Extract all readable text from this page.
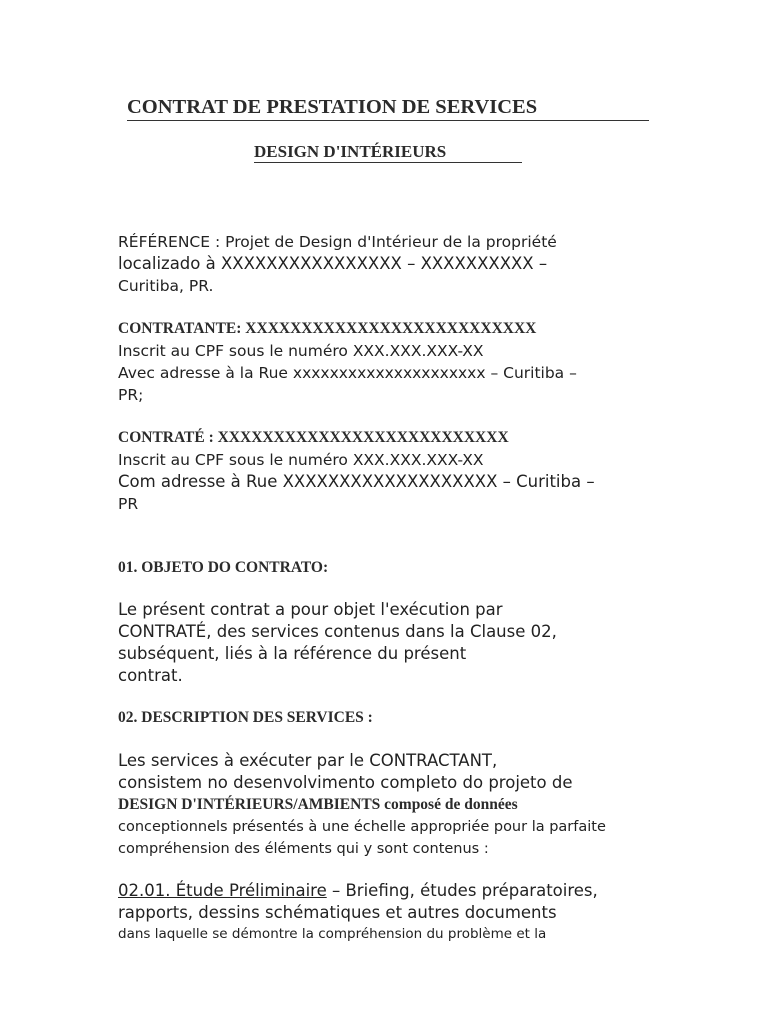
CONTRAT DE PRESTATION DE SERVICES
DESIGN D'INTÉRIEURS
RÉFÉRENCE : Projet de Design d'Intérieur de la propriété
localizado à XXXXXXXXXXXXXXXX – XXXXXXXXXX –
Curitiba, PR.
CONTRATANTE: XXXXXXXXXXXXXXXXXXXXXXXXXX
Inscrit au CPF sous le numéro XXX.XXX.XXX-XX
Avec adresse à la Rue xxxxxxxxxxxxxxxxxxxxx – Curitiba –
PR;
CONTRATÉ : XXXXXXXXXXXXXXXXXXXXXXXXXX
Inscrit au CPF sous le numéro XXX.XXX.XXX-XX
Com adresse à Rue XXXXXXXXXXXXXXXXXXX – Curitiba –
PR
01. OBJETO DO CONTRATO:
Le présent contrat a pour objet l'exécution par
CONTRATÉ, des services contenus dans la Clause 02,
subséquent, liés à la référence du présent
contrat.
02. DESCRIPTION DES SERVICES :
Les services à exécuter par le CONTRACTANT,
consistem no desenvolvimento completo do projeto de
DESIGN D'INTÉRIEURS/AMBIENTS composé de données
conceptionnels présentés à une échelle appropriée pour la parfaite
compréhension des éléments qui y sont contenus :
02.01. Étude Préliminaire – Briefing, études préparatoires,
rapports, dessins schématiques et autres documents
dans laquelle se démontre la compréhension du problème et la
